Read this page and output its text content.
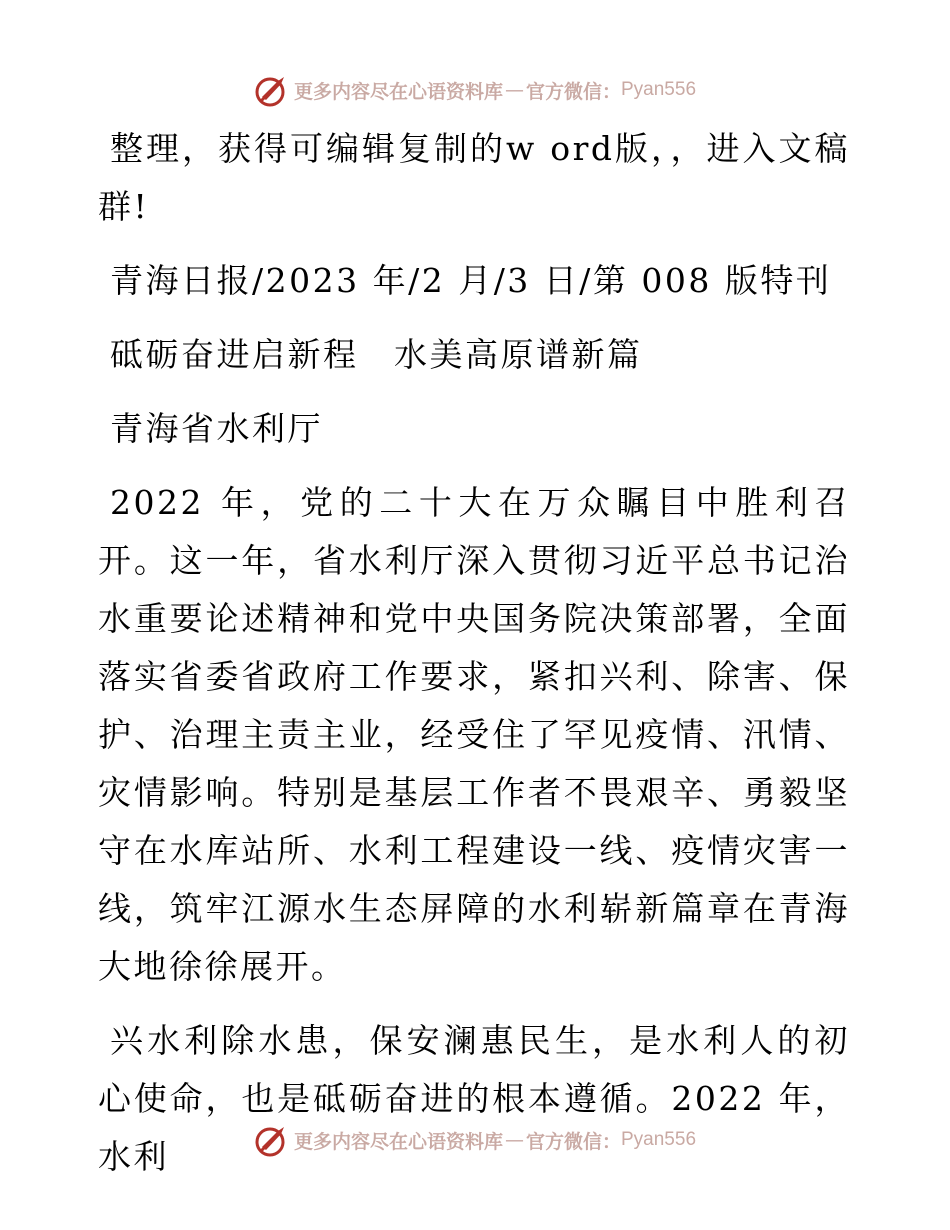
更多内容尽在心语资料库 — 官方微信： Pyan556

整理，获得可编辑复制的w ord版，，进入文稿群!

青海日报/2023 年/2 月/3 日/第 008 版特刊

砥砺奋进启新程　水美高原谱新篇

青海省水利厅

2022 年，党的二十大在万众瞩目中胜利召开。这一年，省水利厅深入贯彻习近平总书记治水重要论述精神和党中央国务院决策部署，全面落实省委省政府工作要求，紧扣兴利、除害、保护、治理主责主业，经受住了罕见疫情、汛情、灾情影响。特别是基层工作者不畏艰辛、勇毅坚守在水库站所、水利工程建设一线、疫情灾害一线，筑牢江源水生态屏障的水利崭新篇章在青海大地徐徐展开。

兴水利除水患，保安澜惠民生，是水利人的初心使命，也是砥砺奋进的根本遵循。2022 年，水利	更多内容尽在心语资料库 — 官方微信： Pyan556
